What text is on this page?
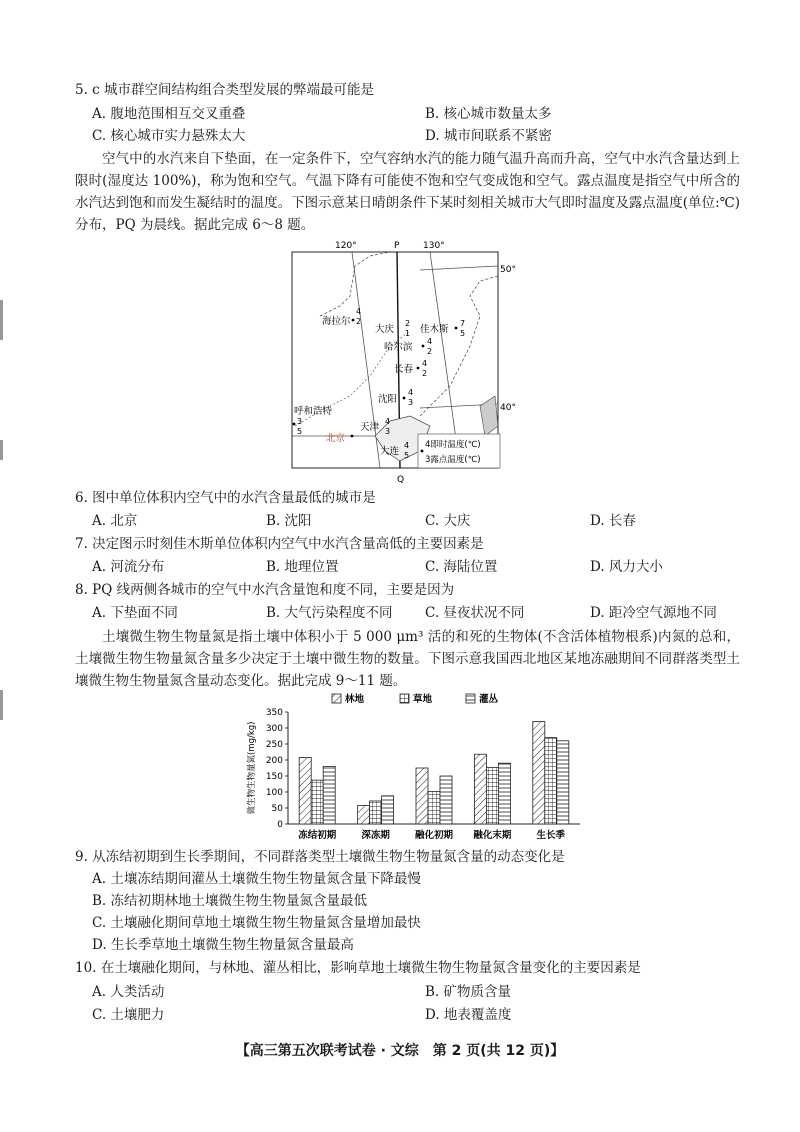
5. c 城市群空间结构组合类型发展的弊端最可能是
A. 腹地范围相互交叉重叠	B. 核心城市数量太多
C. 核心城市实力悬殊太大	D. 城市间联系不紧密
空气中的水汽来自下垫面，在一定条件下，空气容纳水汽的能力随气温升高而升高，空气中水汽含量达到上限时(湿度达 100%)，称为饱和空气。气温下降有可能使不饱和空气变成饱和空气。露点温度是指空气中所含的水汽达到饱和而发生凝结时的温度。下图示意某日晴朗条件下某时刻相关城市大气即时温度及露点温度(单位:℃)分布，PQ 为晨线。据此完成 6～8 题。
120°	P	130°
50°
40°
Q
海拉尔
4
2
大庆
2
1 佳木斯
7
5
哈尔滨
4
2
长春
4
2
沈阳
4
3
呼和浩特
3
5
北京
天津
4
3
大连
4
5
4即时温度(℃)
3露点温度(℃)
6. 图中单位体积内空气中的水汽含量最低的城市是
A. 北京	B. 沈阳	C. 大庆	D. 长春
7. 决定图示时刻佳木斯单位体积内空气中水汽含量高低的主要因素是
A. 河流分布	B. 地理位置	C. 海陆位置	D. 风力大小
8. PQ 线两侧各城市的空气中水汽含量饱和度不同，主要是因为
A. 下垫面不同	B. 大气污染程度不同 C. 昼夜状况不同	D. 距冷空气源地不同
土壤微生物生物量氮是指土壤中体积小于 5 000 μm³ 活的和死的生物体(不含活体植物根系)内氮的总和，土壤微生物生物量氮含量多少决定于土壤中微生物的数量。下图示意我国西北地区某地冻融期间不同群落类型土壤微生物生物量氮含量动态变化。据此完成 9～11 题。
林地	草地	灌丛
0
50
100
150
200
250
300
350
微生物生物量氮(mg/kg)
冻结初期	深冻期	融化初期 融化末期	生长季
9. 从冻结初期到生长季期间，不同群落类型土壤微生物生物量氮含量的动态变化是
A. 土壤冻结期间灌丛土壤微生物生物量氮含量下降最慢
B. 冻结初期林地土壤微生物生物量氮含量最低
C. 土壤融化期间草地土壤微生物生物量氮含量增加最快
D. 生长季草地土壤微生物生物量氮含量最高
10. 在土壤融化期间，与林地、灌丛相比，影响草地土壤微生物生物量氮含量变化的主要因素是
A. 人类活动	B. 矿物质含量
C. 土壤肥力	D. 地表覆盖度
【高三第五次联考试卷 · 文综　第 2 页(共 12 页)】
